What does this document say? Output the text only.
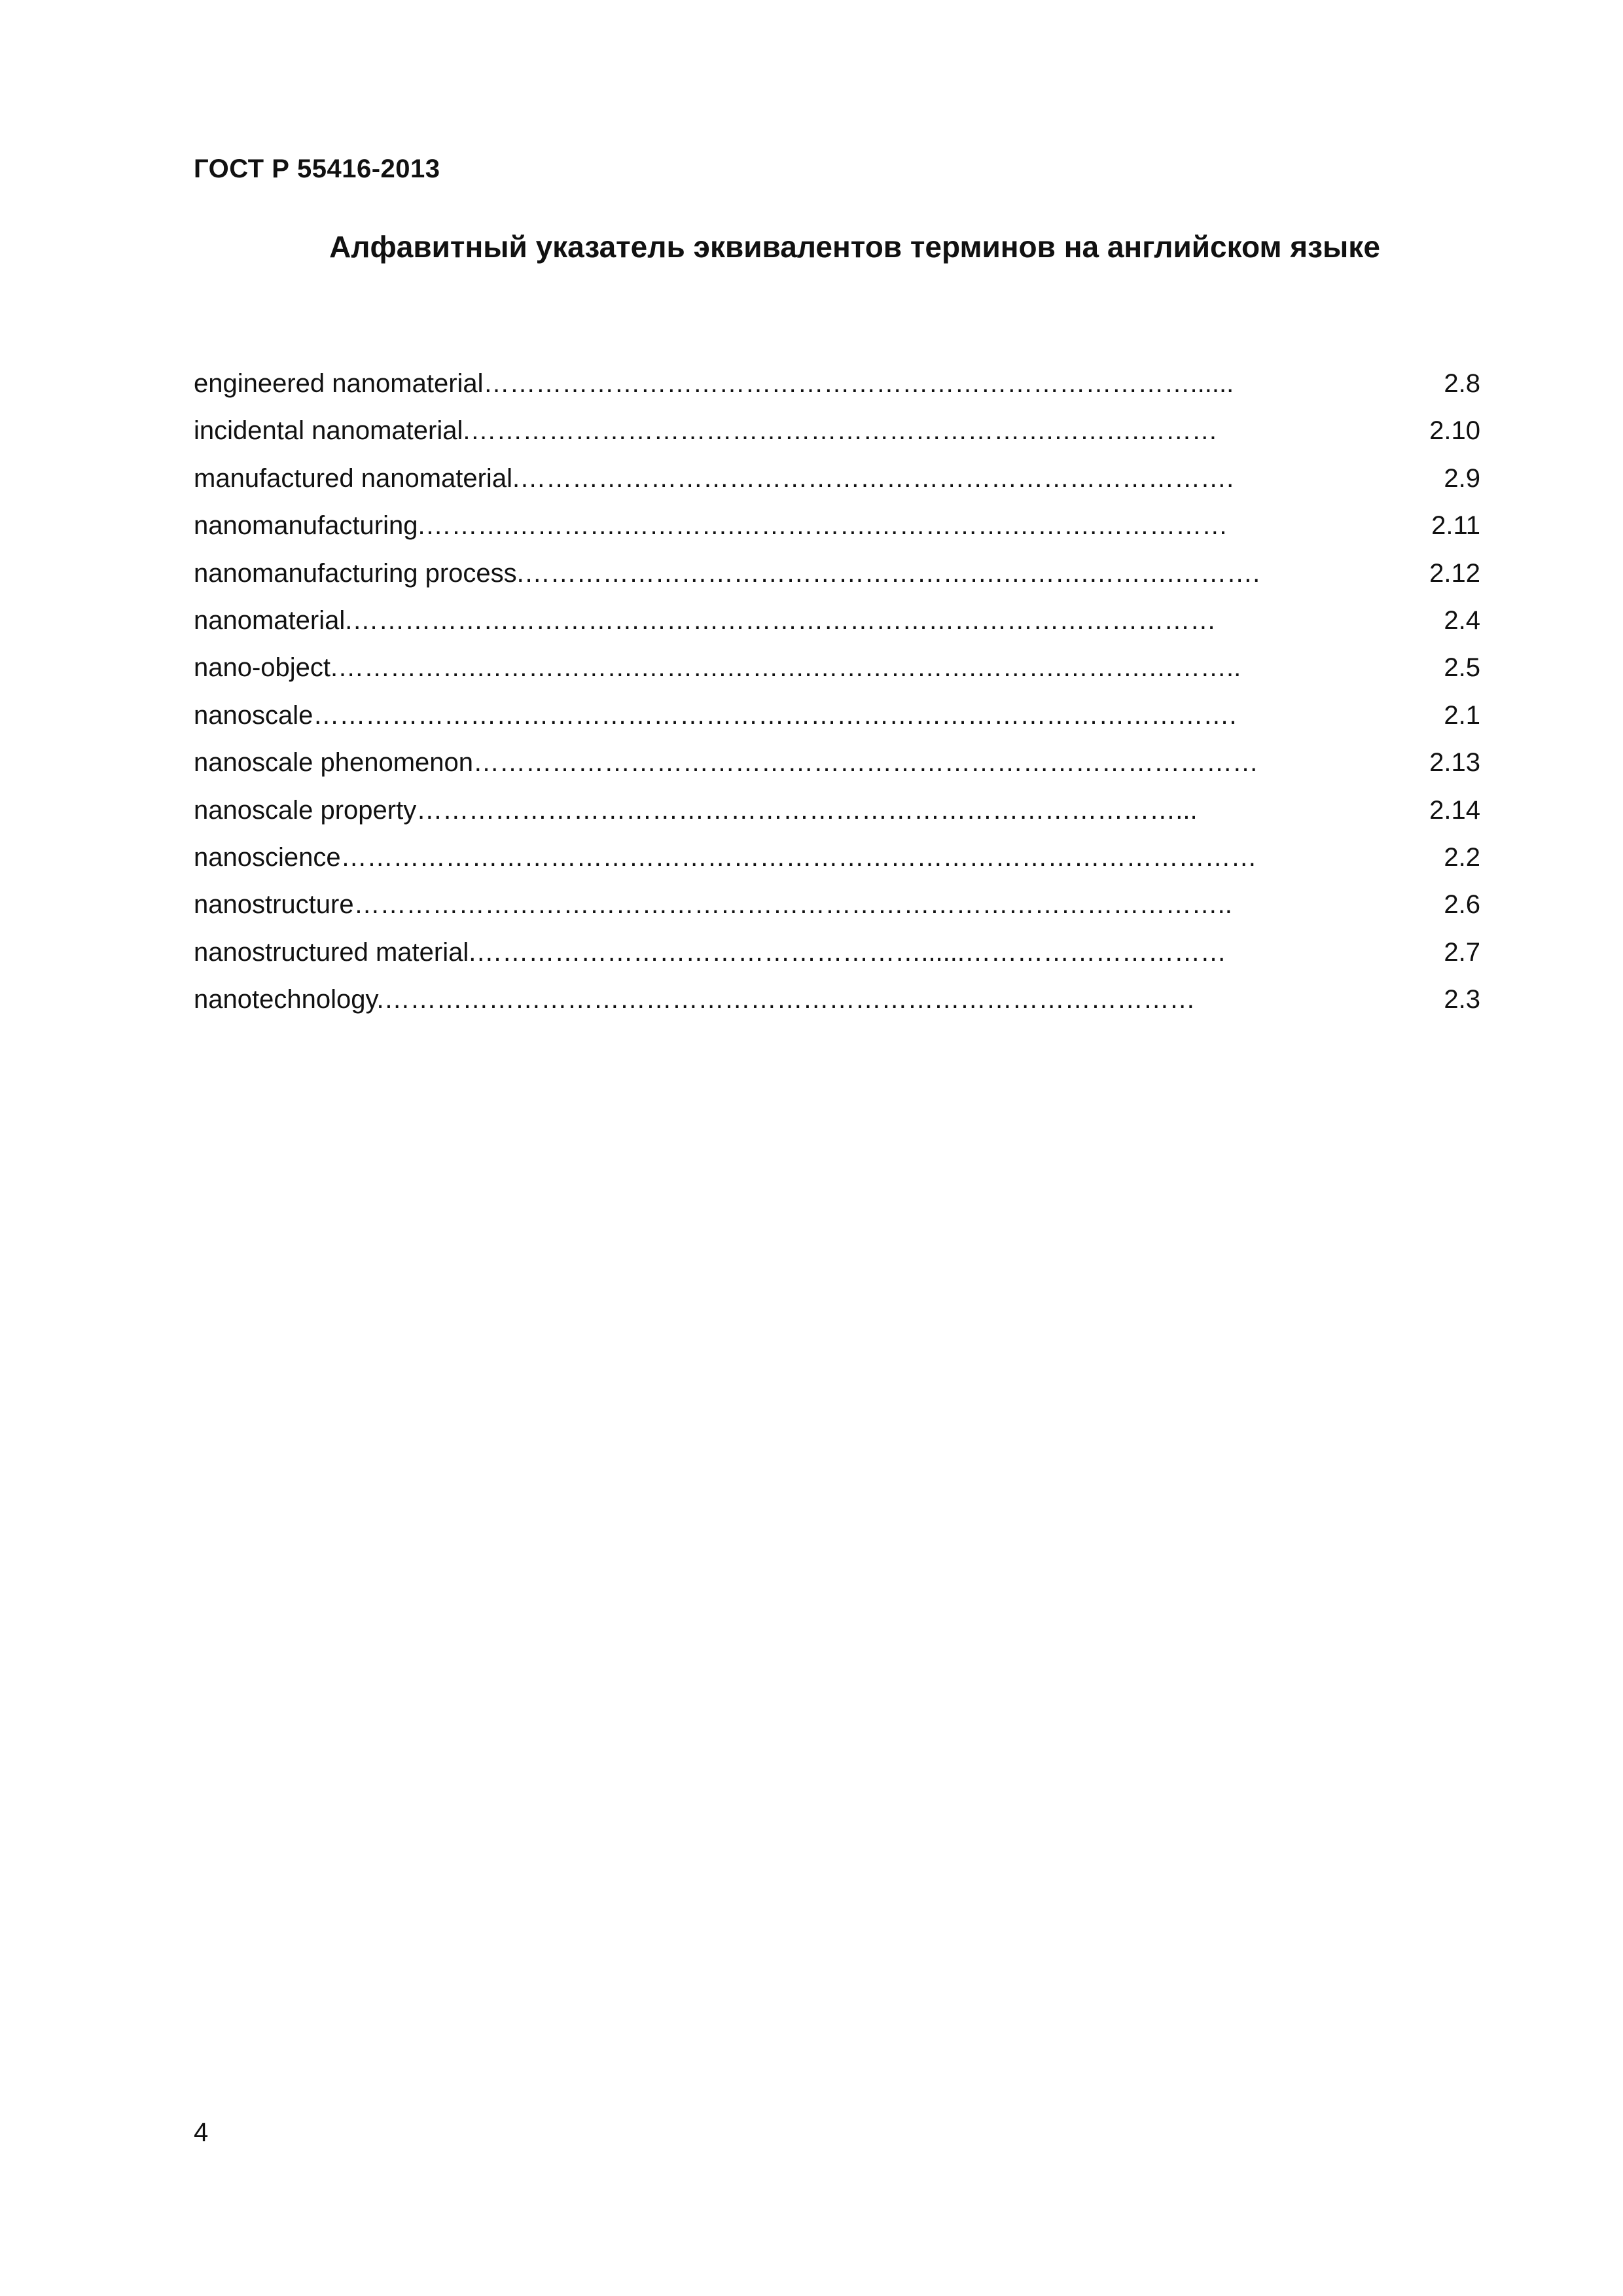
ГОСТ Р 55416-2013
Алфавитный указатель эквивалентов терминов на английском языке
engineered nanomaterial………………………………………………………………………......	2.8
incidental nanomaterial.………………………………………………………….……….………	2.10
manufactured nanomaterial.……………………………………………………………………….	2.9
nanomanufacturing.……….………….………….…………….…………….……….……………	2.11
nanomanufacturing process.……………………………………………….……….……….……….	2.12
nanomaterial.………………………………………………………………………………………	2.4
nano-object.…………….……………….……….……….……………….……….……….………..	2.5
nanoscale…………………………………………………………………………………………….	2.1
nanoscale phenomenon………………………………………………………………………………	2.13
nanoscale property……………………………………………………………………………...	2.14
nanoscience……………………………………………………………………………………………	2.2
nanostructure………………………………………………………………………………………..	2.6
nanostructured material.……………………………………………......…………………………	2.7
nanotechnology.…………………………………………………………………………………	2.3
4
